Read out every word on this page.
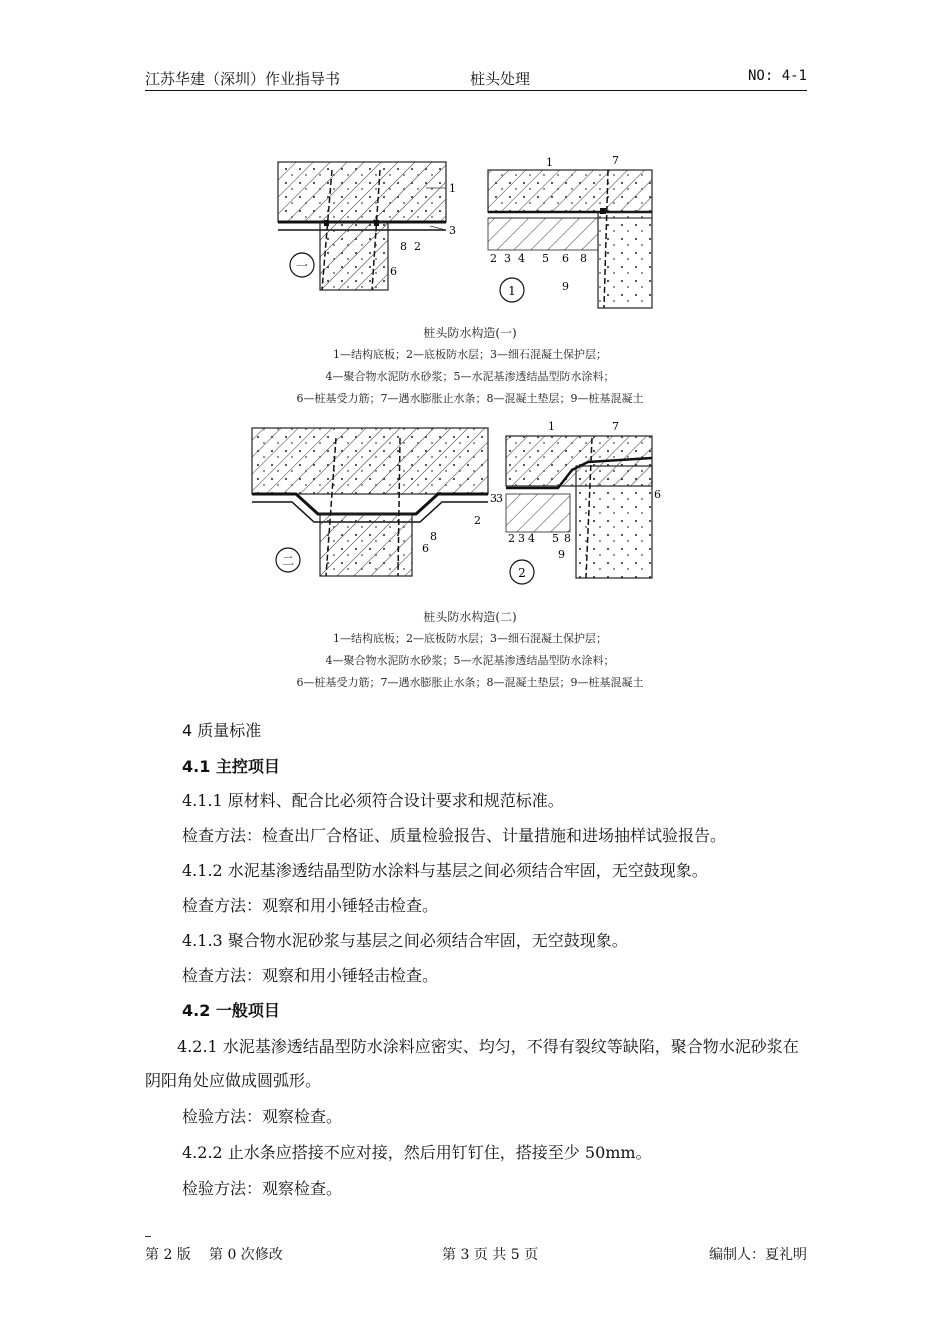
江苏华建（深圳）作业指导书	桩头处理	NO: 4-1
1
3
8 2
6
一
1	7
2 3 4 5 6 8
9
1
桩头防水构造(一)
1—结构底板；2—底板防水层；3—细石混凝土保护层；
4—聚合物水泥防水砂浆；5—水泥基渗透结晶型防水涂料；
6—桩基受力筋；7—遇水膨胀止水条；8—混凝土垫层；9—桩基混凝土
3
2
8
6
二
1	7
3	6
2 3 4 5 8
9
2
桩头防水构造(二)
1—结构底板；2—底板防水层；3—细石混凝土保护层；
4—聚合物水泥防水砂浆；5—水泥基渗透结晶型防水涂料；
6—桩基受力筋；7—遇水膨胀止水条；8—混凝土垫层；9—桩基混凝土
4 质量标准
4.1 主控项目
4.1.1 原材料、配合比必须符合设计要求和规范标准。
检查方法：检查出厂合格证、质量检验报告、计量措施和进场抽样试验报告。
4.1.2 水泥基渗透结晶型防水涂料与基层之间必须结合牢固，无空鼓现象。
检查方法：观察和用小锤轻击检查。
4.1.3 聚合物水泥砂浆与基层之间必须结合牢固，无空鼓现象。
检查方法：观察和用小锤轻击检查。
4.2 一般项目
4.2.1 水泥基渗透结晶型防水涂料应密实、均匀，不得有裂纹等缺陷，聚合物水泥砂浆在阴阳角处应做成圆弧形。
检验方法：观察检查。
4.2.2 止水条应搭接不应对接，然后用钉钉住，搭接至少 50mm。
检验方法：观察检查。
第 2 版 第 0 次修改	第 3 页 共 5 页	编制人：夏礼明
